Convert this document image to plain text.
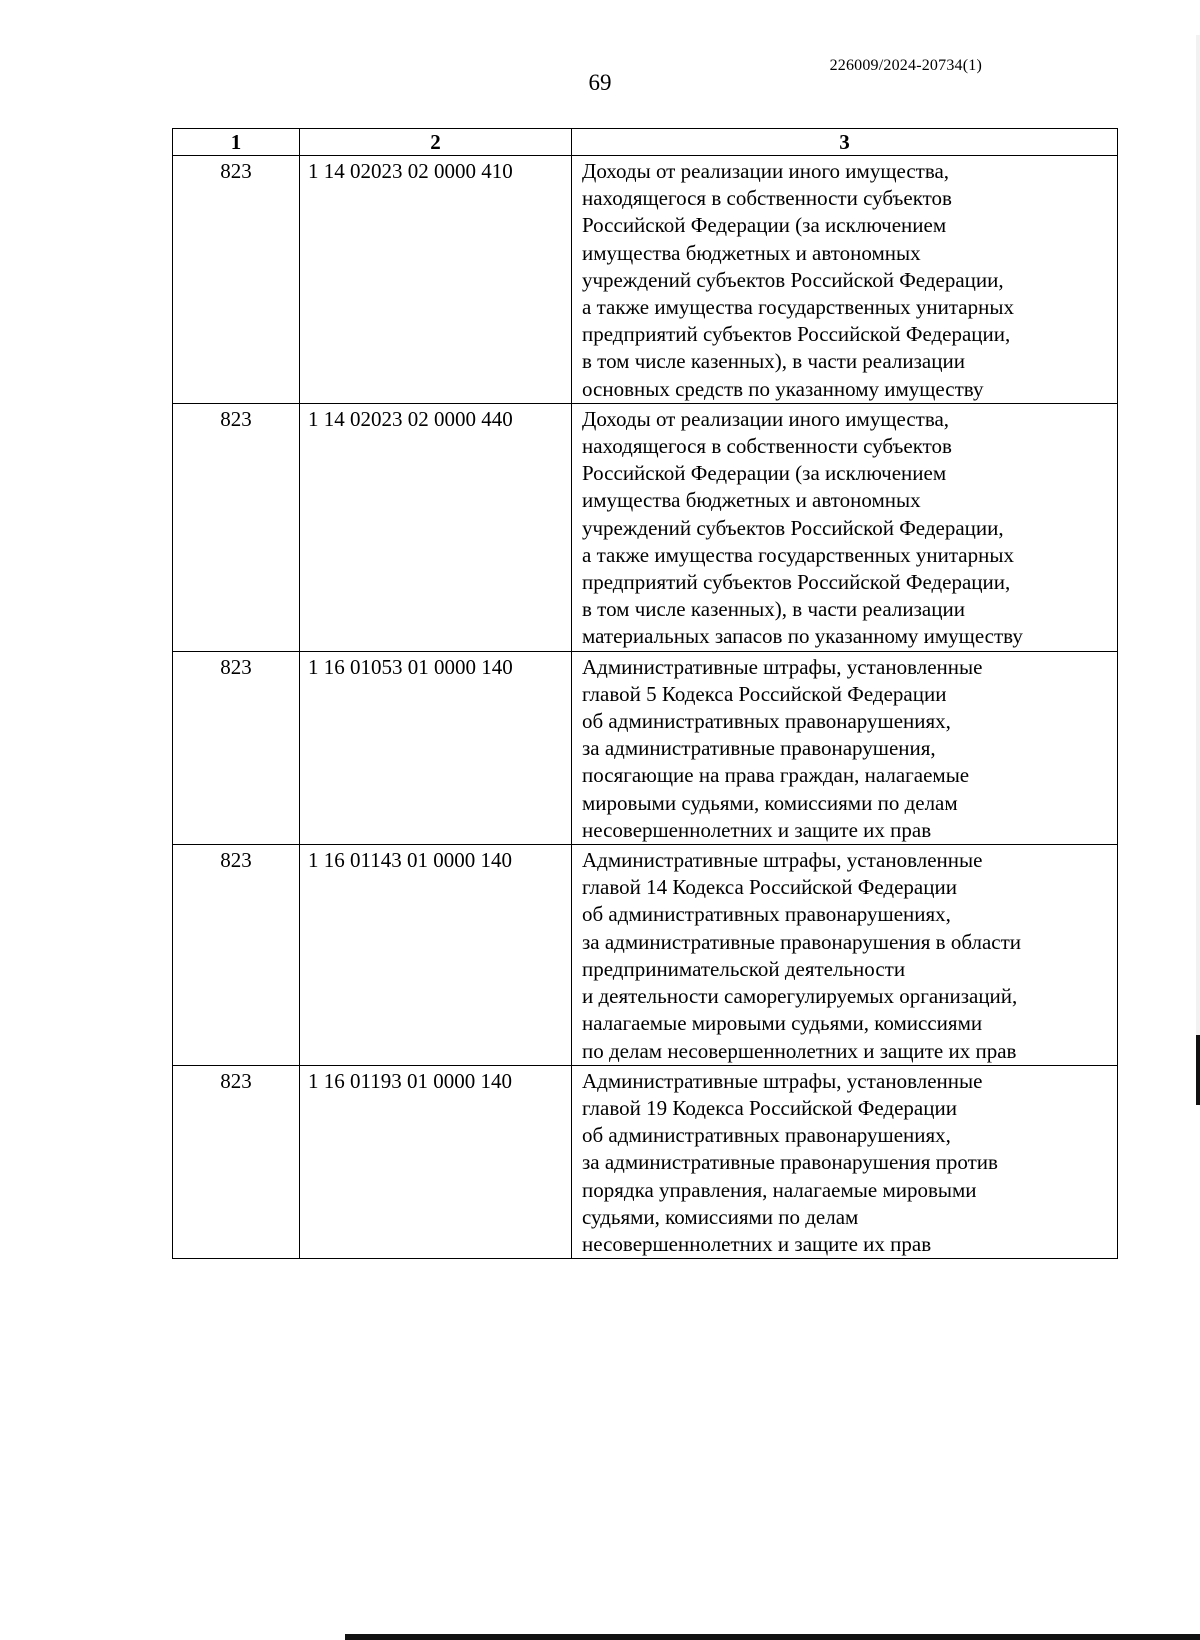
226009/2024-20734(1)
69
1	2	3
823	1 14 02023 02 0000 410	Доходы от реализации иного имущества,
находящегося в собственности субъектов
Российской Федерации (за исключением
имущества бюджетных и автономных
учреждений субъектов Российской Федерации,
а также имущества государственных унитарных
предприятий субъектов Российской Федерации,
в том числе казенных), в части реализации
основных средств по указанному имуществу
823	1 14 02023 02 0000 440	Доходы от реализации иного имущества,
находящегося в собственности субъектов
Российской Федерации (за исключением
имущества бюджетных и автономных
учреждений субъектов Российской Федерации,
а также имущества государственных унитарных
предприятий субъектов Российской Федерации,
в том числе казенных), в части реализации
материальных запасов по указанному имуществу
823	1 16 01053 01 0000 140	Административные штрафы, установленные
главой 5 Кодекса Российской Федерации
об административных правонарушениях,
за административные правонарушения,
посягающие на права граждан, налагаемые
мировыми судьями, комиссиями по делам
несовершеннолетних и защите их прав
823	1 16 01143 01 0000 140	Административные штрафы, установленные
главой 14 Кодекса Российской Федерации
об административных правонарушениях,
за административные правонарушения в области
предпринимательской деятельности
и деятельности саморегулируемых организаций,
налагаемые мировыми судьями, комиссиями
по делам несовершеннолетних и защите их прав
823	1 16 01193 01 0000 140	Административные штрафы, установленные
главой 19 Кодекса Российской Федерации
об административных правонарушениях,
за административные правонарушения против
порядка управления, налагаемые мировыми
судьями, комиссиями по делам
несовершеннолетних и защите их прав
